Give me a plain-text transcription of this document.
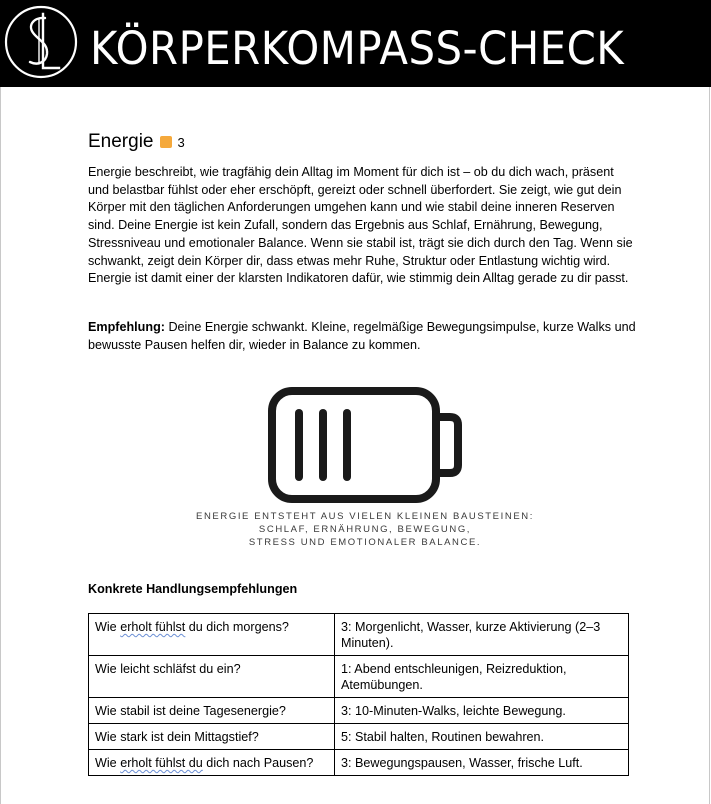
KÖRPERKOMPASS-CHECK
Energie 3

Energie beschreibt, wie tragfähig dein Alltag im Moment für dich ist – ob du dich wach, präsent und belastbar fühlst oder eher erschöpft, gereizt oder schnell überfordert. Sie zeigt, wie gut dein Körper mit den täglichen Anforderungen umgehen kann und wie stabil deine inneren Reserven sind. Deine Energie ist kein Zufall, sondern das Ergebnis aus Schlaf, Ernährung, Bewegung, Stressniveau und emotionaler Balance. Wenn sie stabil ist, trägt sie dich durch den Tag. Wenn sie schwankt, zeigt dein Körper dir, dass etwas mehr Ruhe, Struktur oder Entlastung wichtig wird. Energie ist damit einer der klarsten Indikatoren dafür, wie stimmig dein Alltag gerade zu dir passt.

Empfehlung: Deine Energie schwankt. Kleine, regelmäßige Bewegungsimpulse, kurze Walks und bewusste Pausen helfen dir, wieder in Balance zu kommen.

ENERGIE ENTSTEHT AUS VIELEN KLEINEN BAUSTEINEN:
SCHLAF, ERNÄHRUNG, BEWEGUNG,
STRESS UND EMOTIONALER BALANCE.
Konkrete Handlungsempfehlungen
Wie erholt fühlst du dich morgens?	3: Morgenlicht, Wasser, kurze Aktivierung (2–3 Minuten).
Wie leicht schläfst du ein?	1: Abend entschleunigen, Reizreduktion, Atemübungen.
Wie stabil ist deine Tagesenergie?	3: 10-Minuten-Walks, leichte Bewegung.
Wie stark ist dein Mittagstief?	5: Stabil halten, Routinen bewahren.
Wie erholt fühlst du dich nach Pausen?	3: Bewegungspausen, Wasser, frische Luft.
